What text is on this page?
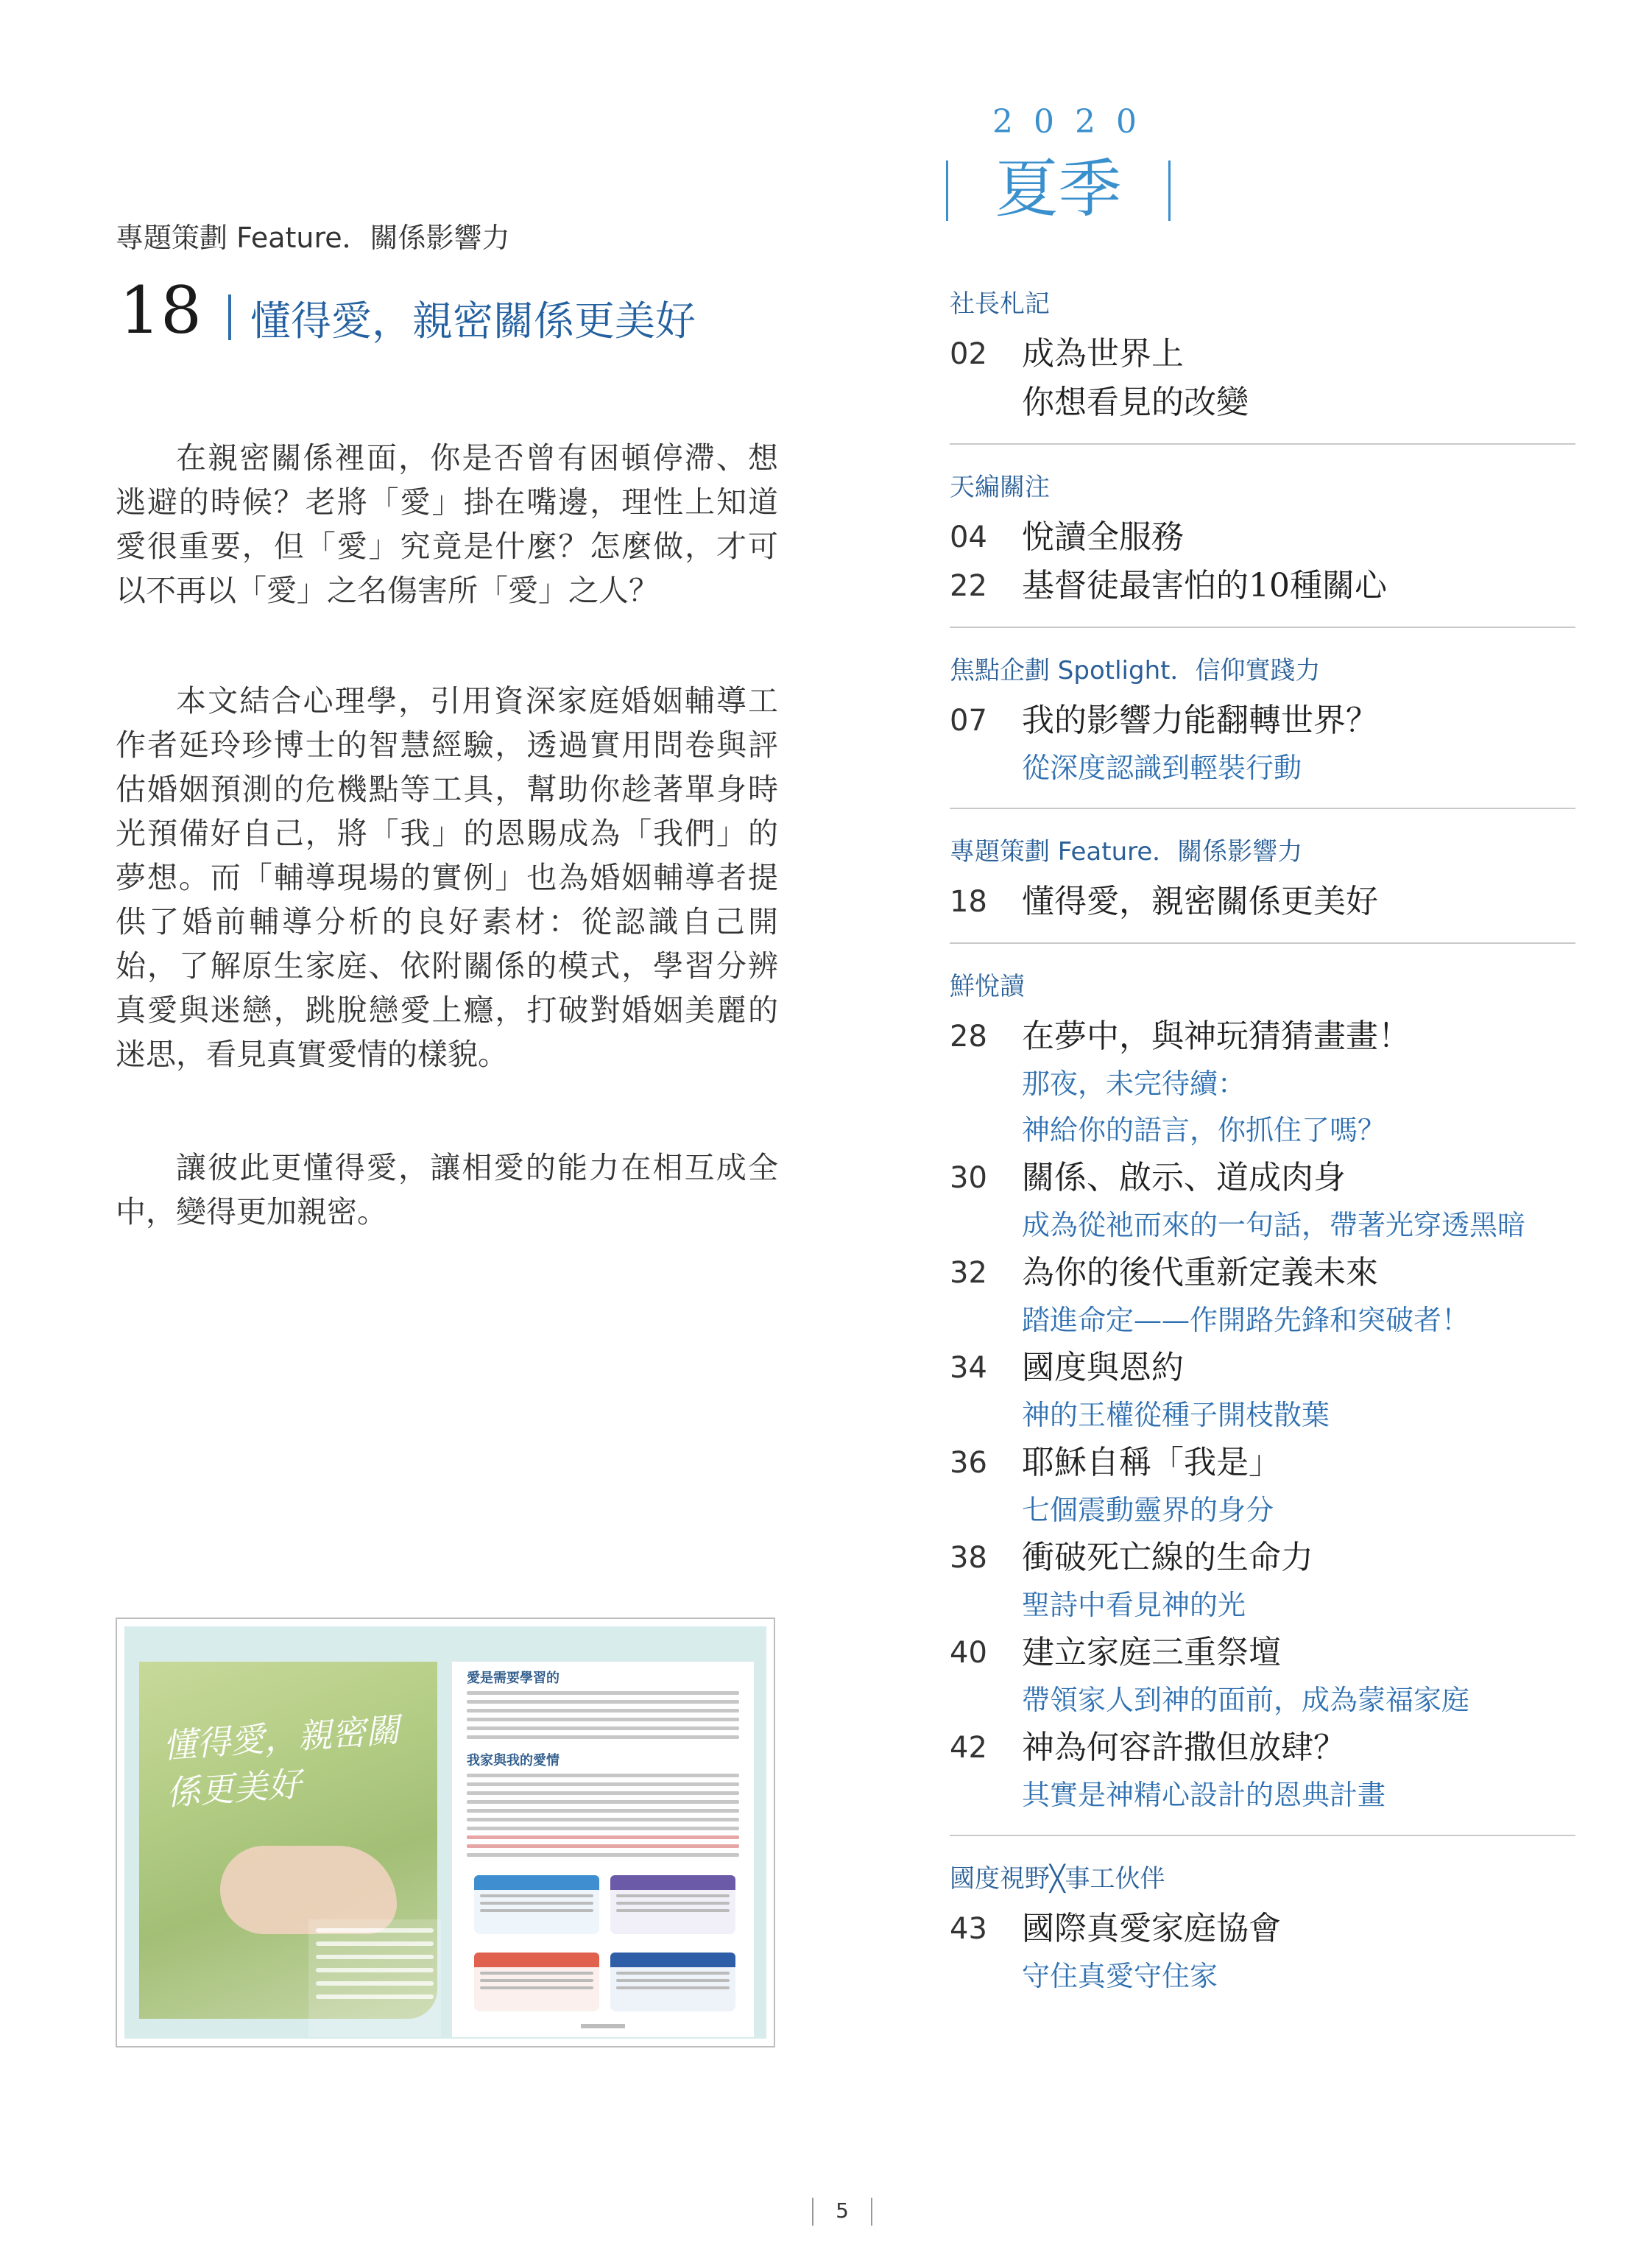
專題策劃 Feature．關係影響力
18 懂得愛，親密關係更美好

在親密關係裡面，你是否曾有困頓停滯、想逃避的時候？老將「愛」掛在嘴邊，理性上知道愛很重要，但「愛」究竟是什麼？怎麼做，才可以不再以「愛」之名傷害所「愛」之人？

本文結合心理學，引用資深家庭婚姻輔導工作者延玲珍博士的智慧經驗，透過實用問卷與評估婚姻預測的危機點等工具，幫助你趁著單身時光預備好自己，將「我」的恩賜成為「我們」的夢想。而「輔導現場的實例」也為婚姻輔導者提供了婚前輔導分析的良好素材：從認識自己開始，了解原生家庭、依附關係的模式，學習分辨真愛與迷戀，跳脫戀愛上癮，打破對婚姻美麗的迷思，看見真實愛情的樣貌。

讓彼此更懂得愛，讓相愛的能力在相互成全中，變得更加親密。

2020
夏季
社長札記
02	成為世界上
你想看見的改變
天編關注
04	悅讀全服務
22	基督徒最害怕的10種關心
焦點企劃 Spotlight．信仰實踐力
07	我的影響力能翻轉世界？
從深度認識到輕裝行動
專題策劃 Feature．關係影響力
18	懂得愛，親密關係更美好
鮮悅讀
28	在夢中，與神玩猜猜畫畫！
那夜，未完待續：
神給你的語言，你抓住了嗎？
30	關係、啟示、道成肉身
成為從祂而來的一句話，帶著光穿透黑暗
32	為你的後代重新定義未來
踏進命定——作開路先鋒和突破者！
34	國度與恩約
神的王權從種子開枝散葉
36	耶穌自稱「我是」
七個震動靈界的身分
38	衝破死亡線的生命力
聖詩中看見神的光
40	建立家庭三重祭壇
帶領家人到神的面前，成為蒙福家庭
42	神為何容許撒但放肆？
其實是神精心設計的恩典計畫
國度視野╳事工伙伴
43	國際真愛家庭協會
守住真愛守住家
懂得愛，親密關係更美好
愛是需要學習的
我家與我的愛情
5
